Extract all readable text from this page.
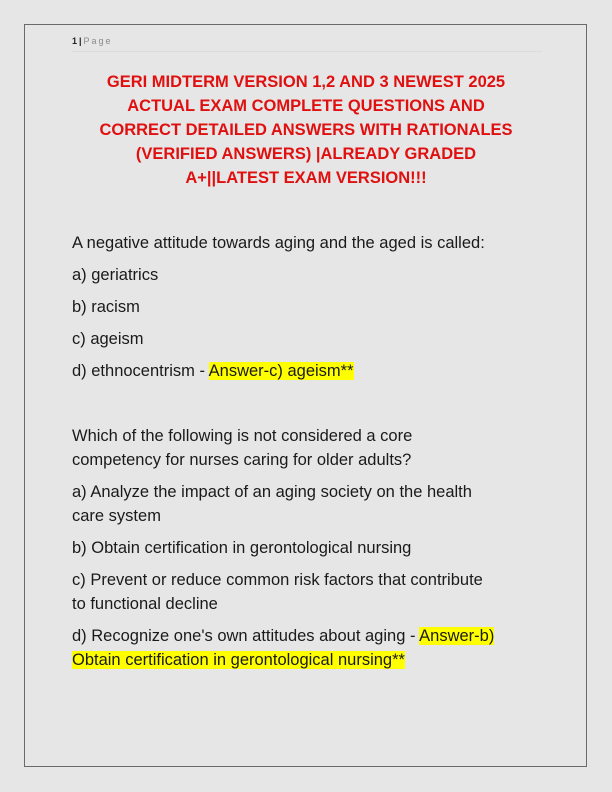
1 | Page
GERI MIDTERM VERSION 1,2 AND 3 NEWEST 2025
ACTUAL EXAM COMPLETE QUESTIONS AND
CORRECT DETAILED ANSWERS WITH RATIONALES
(VERIFIED ANSWERS) |ALREADY GRADED
A+||LATEST EXAM VERSION!!!

A negative attitude towards aging and the aged is called:

a) geriatrics

b) racism

c) ageism

d) ethnocentrism - Answer-c) ageism**

Which of the following is not considered a core

competency for nurses caring for older adults?

a) Analyze the impact of an aging society on the health

care system

b) Obtain certification in gerontological nursing

c) Prevent or reduce common risk factors that contribute

to functional decline

d) Recognize one's own attitudes about aging - Answer-b)

Obtain certification in gerontological nursing**
